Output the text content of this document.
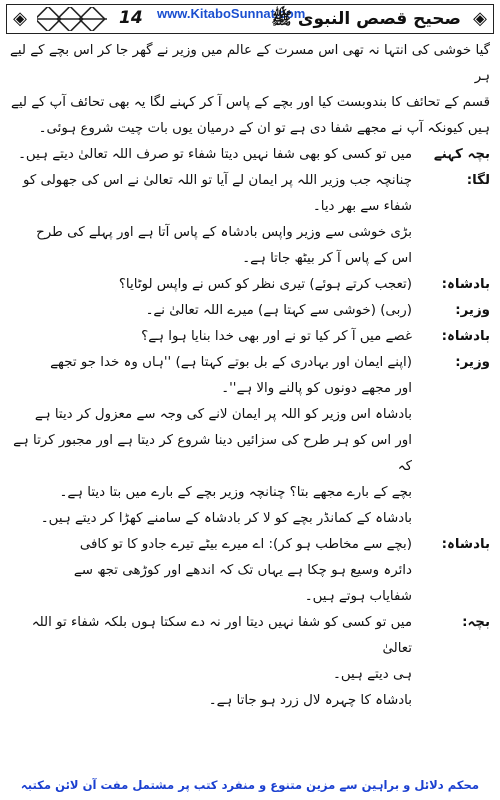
◈	14 www.KitaboSunnat.com
صحیح قصص النبوی ﷺ ◈
گیا خوشی کی انتہا نہ تھی اس مسرت کے عالم میں وزیر نے گھر جا کر اس بچے کے لیے ہر
قسم کے تحائف کا بندوبست کیا اور بچے کے پاس آ کر کہنے لگا یہ بھی تحائف آپ کے لیے
ہیں کیونکہ آپ نے مجھے شفا دی ہے تو ان کے درمیان یوں بات چیت شروع ہوئی۔
بچہ کہنے لگا:
میں تو کسی کو بھی شفا نہیں دیتا شفاء تو صرف اللہ تعالیٰ دیتے ہیں۔
چنانچہ جب وزیر اللہ پر ایمان لے آیا تو اللہ تعالیٰ نے اس کی جھولی کو
شفاء سے بھر دیا۔
بڑی خوشی سے وزیر واپس بادشاہ کے پاس آتا ہے اور پہلے کی طرح
اس کے پاس آ کر بیٹھ جاتا ہے۔
بادشاہ:
(تعجب کرتے ہوئے) تیری نظر کو کس نے واپس لوٹایا؟
وزیر:
(ربی) (خوشی سے کہتا ہے) میرے اللہ تعالیٰ نے۔
بادشاہ:
غصے میں آ کر کیا تو نے اور بھی خدا بنایا ہوا ہے؟
وزیر:
(اپنے ایمان اور بہادری کے بل بوتے کہتا ہے) ''ہاں وہ خدا جو تجھے
اور مجھے دونوں کو پالنے والا ہے''۔
بادشاہ اس وزیر کو اللہ پر ایمان لانے کی وجہ سے معزول کر دیتا ہے
اور اس کو ہر طرح کی سزائیں دینا شروع کر دیتا ہے اور مجبور کرتا ہے کہ
بچے کے بارے مجھے بتا؟ چنانچہ وزیر بچے کے بارے میں بتا دیتا ہے۔
بادشاہ کے کمانڈر بچے کو لا کر بادشاہ کے سامنے کھڑا کر دیتے ہیں۔
بادشاہ:
(بچے سے مخاطب ہو کر): اے میرے بیٹے تیرے جادو کا تو کافی
دائرہ وسیع ہو چکا ہے یہاں تک کہ اندھے اور کوڑھی تجھ سے
شفایاب ہوتے ہیں۔
بچہ:
میں تو کسی کو شفا نہیں دیتا اور نہ دے سکتا ہوں بلکہ شفاء تو اللہ تعالیٰ
ہی دیتے ہیں۔
بادشاہ کا چہرہ لال زرد ہو جاتا ہے۔
محکم دلائل و براہین سے مزین متنوع و منفرد کتب پر مشتمل مفت آن لائن مکتبہ
